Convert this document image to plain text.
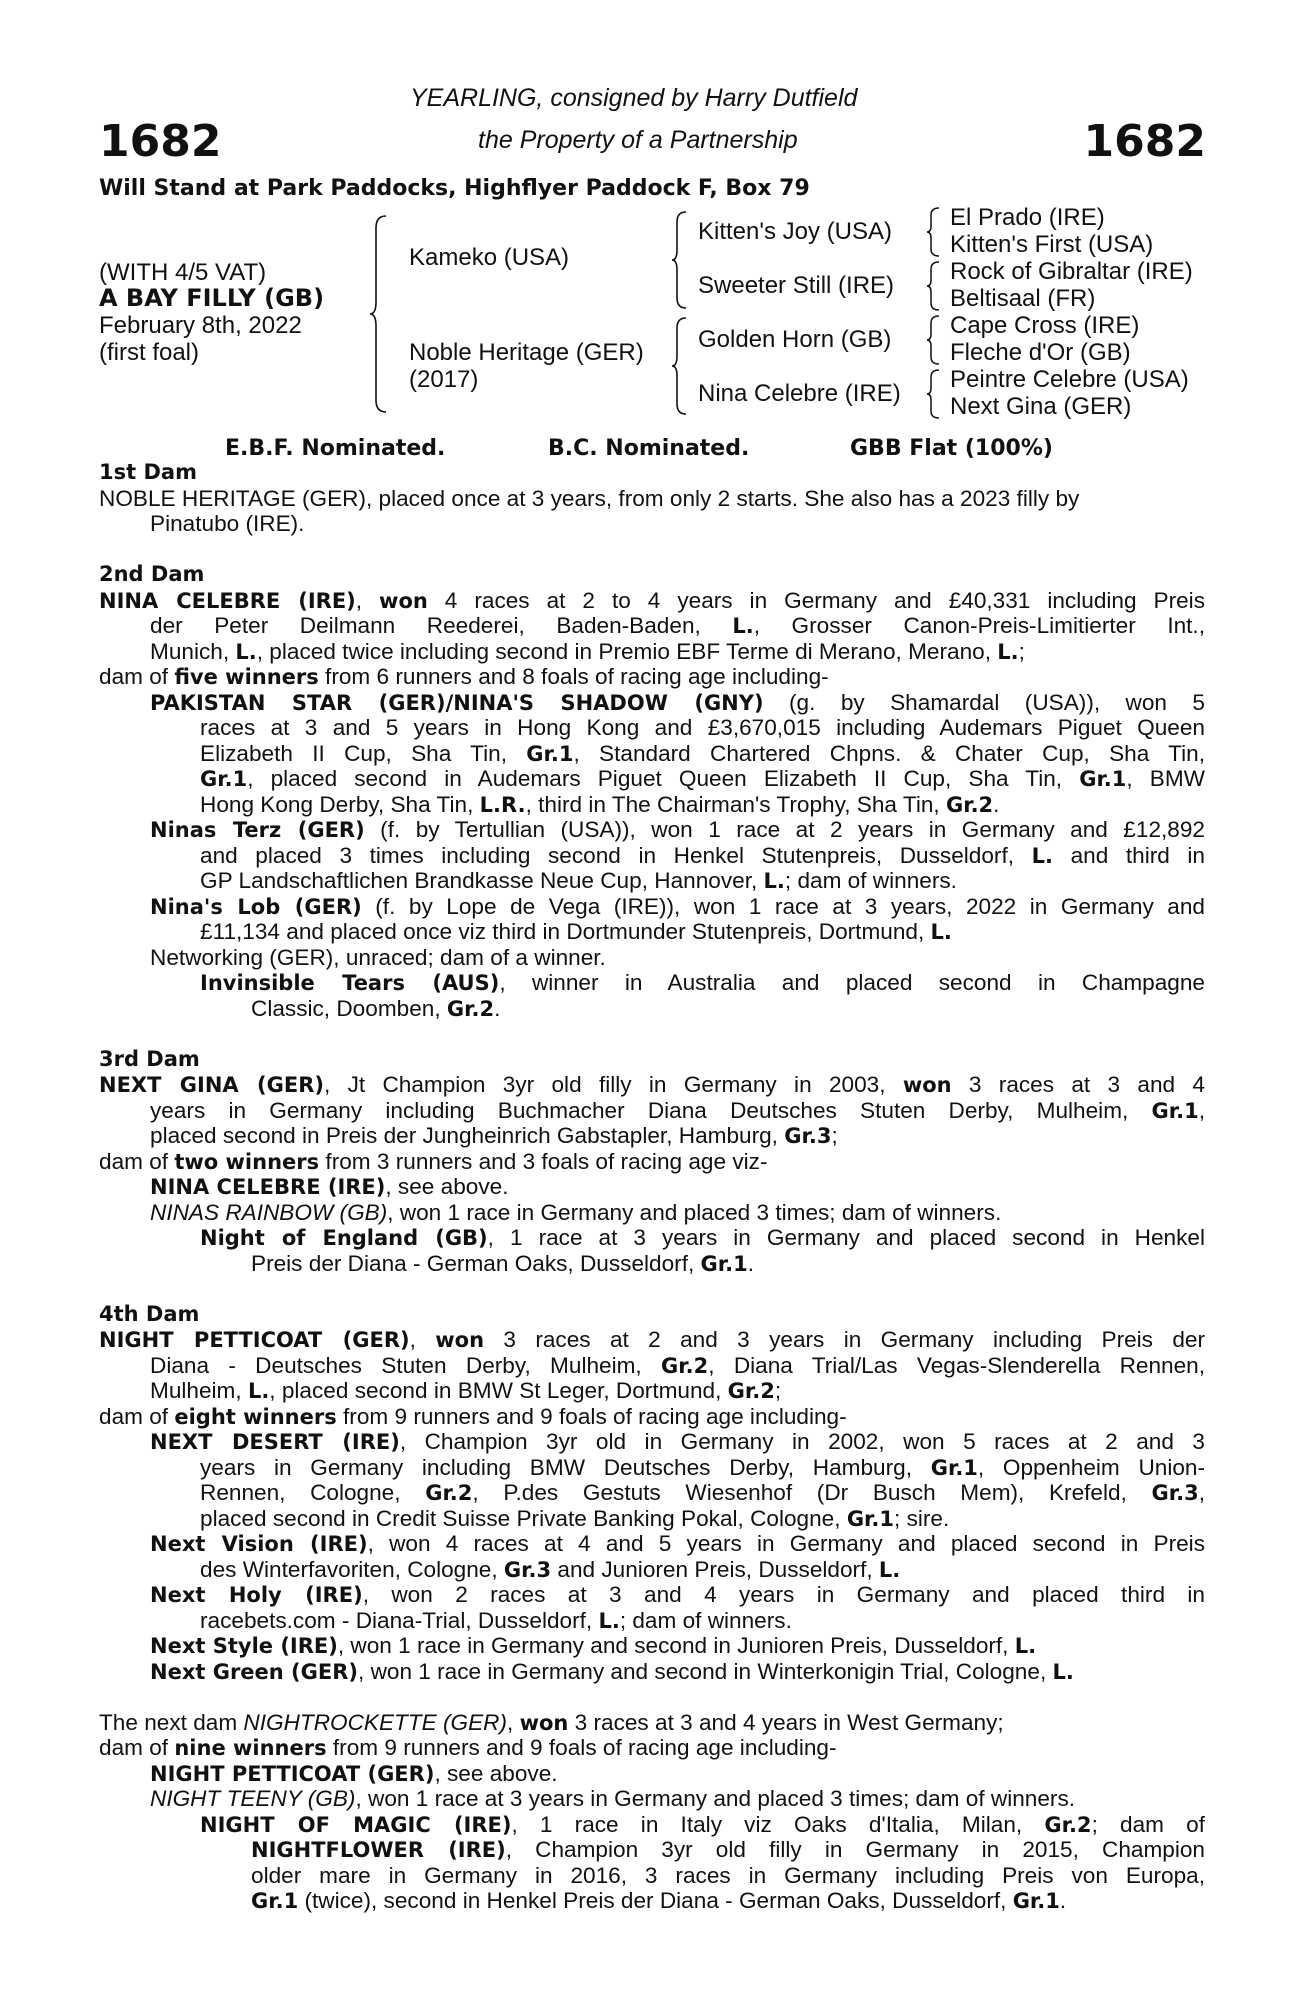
1682	1682
YEARLING, consigned by Harry Dutfield
the Property of a Partnership
Will Stand at Park Paddocks, Highflyer Paddock F, Box 79
(WITH 4/5 VAT)
A BAY FILLY (GB)
February 8th, 2022
(first foal)
Kameko (USA)
Noble Heritage (GER)
(2017)
Kitten's Joy (USA)
Sweeter Still (IRE)
Golden Horn (GB)
Nina Celebre (IRE)
El Prado (IRE)
Kitten's First (USA)
Rock of Gibraltar (IRE)
Beltisaal (FR)
Cape Cross (IRE)
Fleche d'Or (GB)
Peintre Celebre (USA)
Next Gina (GER)
E.B.F. Nominated.	B.C. Nominated.	GBB Flat (100%)
1st Dam
NOBLE HERITAGE (GER), placed once at 3 years, from only 2 starts. She also has a 2023 filly by
Pinatubo (IRE).
2nd Dam
NINA CELEBRE (IRE), won 4 races at 2 to 4 years in Germany and £40,331 including Preis
der Peter Deilmann Reederei, Baden-Baden, L., Grosser Canon-Preis-Limitierter Int.,
Munich, L., placed twice including second in Premio EBF Terme di Merano, Merano, L.;
dam of five winners from 6 runners and 8 foals of racing age including-
PAKISTAN STAR (GER)/NINA'S SHADOW (GNY) (g. by Shamardal (USA)), won 5
races at 3 and 5 years in Hong Kong and £3,670,015 including Audemars Piguet Queen
Elizabeth II Cup, Sha Tin, Gr.1, Standard Chartered Chpns. & Chater Cup, Sha Tin,
Gr.1, placed second in Audemars Piguet Queen Elizabeth II Cup, Sha Tin, Gr.1, BMW
Hong Kong Derby, Sha Tin, L.R., third in The Chairman's Trophy, Sha Tin, Gr.2.
Ninas Terz (GER) (f. by Tertullian (USA)), won 1 race at 2 years in Germany and £12,892
and placed 3 times including second in Henkel Stutenpreis, Dusseldorf, L. and third in
GP Landschaftlichen Brandkasse Neue Cup, Hannover, L.; dam of winners.
Nina's Lob (GER) (f. by Lope de Vega (IRE)), won 1 race at 3 years, 2022 in Germany and
£11,134 and placed once viz third in Dortmunder Stutenpreis, Dortmund, L.
Networking (GER), unraced; dam of a winner.
Invinsible Tears (AUS), winner in Australia and placed second in Champagne
Classic, Doomben, Gr.2.
3rd Dam
NEXT GINA (GER), Jt Champion 3yr old filly in Germany in 2003, won 3 races at 3 and 4
years in Germany including Buchmacher Diana Deutsches Stuten Derby, Mulheim, Gr.1,
placed second in Preis der Jungheinrich Gabstapler, Hamburg, Gr.3;
dam of two winners from 3 runners and 3 foals of racing age viz-
NINA CELEBRE (IRE), see above.
NINAS RAINBOW (GB), won 1 race in Germany and placed 3 times; dam of winners.
Night of England (GB), 1 race at 3 years in Germany and placed second in Henkel
Preis der Diana - German Oaks, Dusseldorf, Gr.1.
4th Dam
NIGHT PETTICOAT (GER), won 3 races at 2 and 3 years in Germany including Preis der
Diana - Deutsches Stuten Derby, Mulheim, Gr.2, Diana Trial/Las Vegas-Slenderella Rennen,
Mulheim, L., placed second in BMW St Leger, Dortmund, Gr.2;
dam of eight winners from 9 runners and 9 foals of racing age including-
NEXT DESERT (IRE), Champion 3yr old in Germany in 2002, won 5 races at 2 and 3
years in Germany including BMW Deutsches Derby, Hamburg, Gr.1, Oppenheim Union-
Rennen, Cologne, Gr.2, P.des Gestuts Wiesenhof (Dr Busch Mem), Krefeld, Gr.3,
placed second in Credit Suisse Private Banking Pokal, Cologne, Gr.1; sire.
Next Vision (IRE), won 4 races at 4 and 5 years in Germany and placed second in Preis
des Winterfavoriten, Cologne, Gr.3 and Junioren Preis, Dusseldorf, L.
Next Holy (IRE), won 2 races at 3 and 4 years in Germany and placed third in
racebets.com - Diana-Trial, Dusseldorf, L.; dam of winners.
Next Style (IRE), won 1 race in Germany and second in Junioren Preis, Dusseldorf, L.
Next Green (GER), won 1 race in Germany and second in Winterkonigin Trial, Cologne, L.
The next dam NIGHTROCKETTE (GER), won 3 races at 3 and 4 years in West Germany;
dam of nine winners from 9 runners and 9 foals of racing age including-
NIGHT PETTICOAT (GER), see above.
NIGHT TEENY (GB), won 1 race at 3 years in Germany and placed 3 times; dam of winners.
NIGHT OF MAGIC (IRE), 1 race in Italy viz Oaks d'Italia, Milan, Gr.2; dam of
NIGHTFLOWER (IRE), Champion 3yr old filly in Germany in 2015, Champion
older mare in Germany in 2016, 3 races in Germany including Preis von Europa,
Gr.1 (twice), second in Henkel Preis der Diana - German Oaks, Dusseldorf, Gr.1.
